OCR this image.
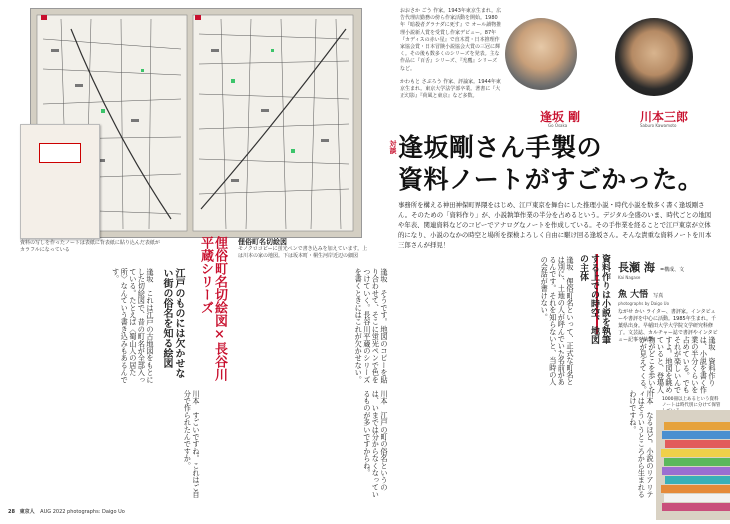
資料の写しを作ったノートは表紙に背表紙に貼り込んだ表紙がカラフルになっている
俚俗町名切絵図
モノクロコピーに蛍光ペンで書き込みを加えています。上は川本の家の地図。下は坂本町・桐生河岸近辺の細図

おおさか ごう 作家。1943年東京生まれ。広告代理店勤務の傍ら作家活動を開始。1980年『暗殺者グラナダに死す』で オール讀物推理小説新人賞を受賞し作家デビュー。87年『カディスの赤い星』で直木賞・日本推理作家協会賞・日本冒険小説協会大賞の三冠に輝く。その後も数多くのシリーズを発表。主な作品に『百舌』シリーズ、『禿鷹』シリーズなど。

かわもと さぶろう 作家、評論家。1944年東京生まれ。東京大学法学部卒業。著書に『大正幻影』『荷風と東京』など多数。

逢坂 剛
Go Osaka
川本三郎
Saburo Kawamoto
対談 逢坂剛さん手製の
資料ノートがすごかった。
事務所を構える神田神保町界隈をはじめ、江戸東京を舞台にした推理小説・時代小説を数多く書く逢坂剛さん。そのための「資料作り」が、小説執筆作業の半分を占めるという。デジタル全盛のいま、時代ごとの地図や年表、関連資料などのコピーでアナログなノートを作成している。その手作業を経ることで江戸東京が立体的になり、小説のなかの時空と場所を探検よろしく自由に駆け回る逢坂さん。そんな貴重な資料ノートを川本三郎さんが拝見！
俚俗町名切絵図×長谷川平蔵シリーズ
江戸のものには欠かせない街の俗名を知る絵図	資料作りは小説を執筆する上での時空、地図の主体	長瀬 海 =構成、文
Kai Nagase
魚 大悟 写真
photographs by Daigo Uo
ながせ かい ライター、書評家。インタビューや書評を中心に活動。1985年生まれ。千葉県出身。早稲田大学大学院文学研究科修了。文芸誌、カルチャー誌で書評やインタビュー記事を執筆。
逢坂　これは江戸の古地図をもとにした切絵図で、昔の町名が全部入っている。たとえば〈蜀山人の居た所〉なんていう書き込みもあるんです。
川本　すごいですね。これはご自分で作られたんですか。
逢坂　そうです。地図のコピーを貼り合わせて、そこに蛍光ペンで色をつけていく。長谷川平蔵のシリーズを書くときにはこれが欠かせない。
川本　江戸の町の俗名というのは、いまでは分からなくなっているものが多いですからね。
逢坂　俚俗町名といって、正式な町名とは別に、土地の人が呼んでいた名前があるんです。それを知らないと、当時の人の会話が書けない。
川本　なるほど。小説のリアリティはそういうところから生まれるわけですね。
逢坂　資料作りは、小説を書く作業の半分くらいを占めている。でもそれが楽しいんですよ。地図を眺めていると、登場人物がどこを歩いたかが見えてくる。
1000冊以上あるという資料ノートは時代別に分けて保管
28 東京人 AUG 2022 photographs: Daigo Uo
